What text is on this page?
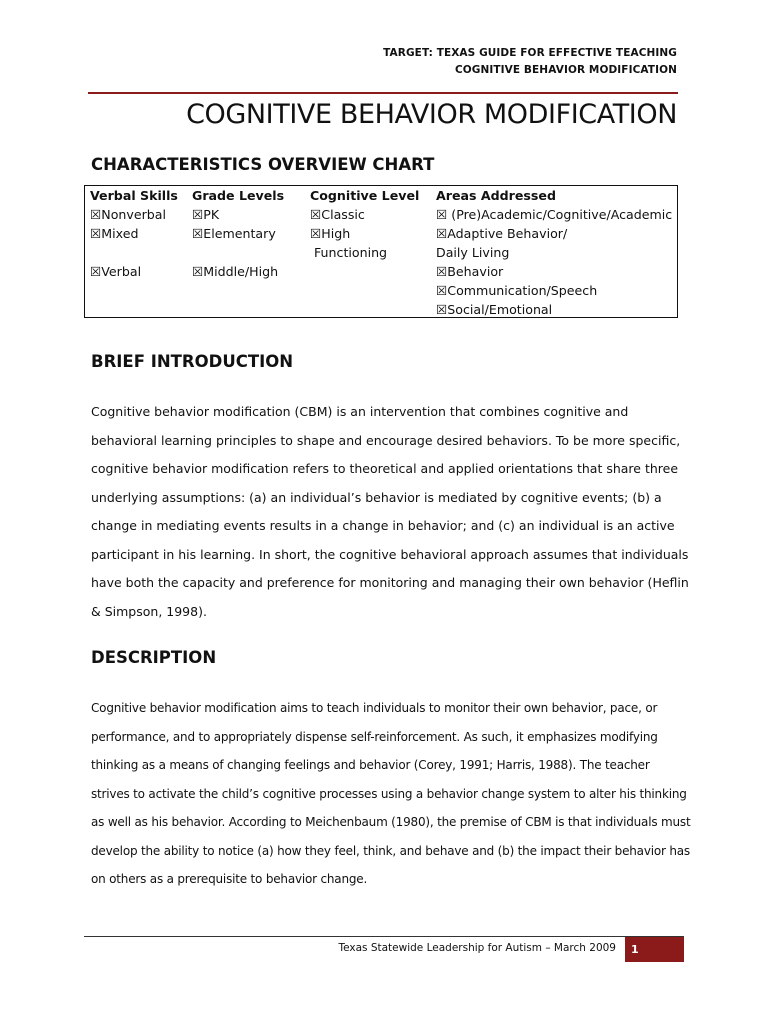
TARGET: TEXAS GUIDE FOR EFFECTIVE TEACHING
COGNITIVE BEHAVIOR MODIFICATION
COGNITIVE BEHAVIOR MODIFICATION
CHARACTERISTICS OVERVIEW CHART
Verbal Skills
☒Nonverbal
☒Mixed
☒Verbal
Grade Levels
☒PK
☒Elementary
☒Middle/High
Cognitive Level
☒Classic
☒High
Functioning
Areas Addressed
☒ (Pre)Academic/Cognitive/Academic
☒Adaptive Behavior/
Daily Living
☒Behavior
☒Communication/Speech
☒Social/Emotional
BRIEF INTRODUCTION

Cognitive behavior modification (CBM) is an intervention that combines cognitive and behavioral learning principles to shape and encourage desired behaviors. To be more specific, cognitive behavior modification refers to theoretical and applied orientations that share three underlying assumptions: (a) an individual’s behavior is mediated by cognitive events; (b) a change in mediating events results in a change in behavior; and (c) an individual is an active participant in his learning. In short, the cognitive behavioral approach assumes that individuals have both the capacity and preference for monitoring and managing their own behavior (Heflin & Simpson, 1998).

DESCRIPTION

Cognitive behavior modification aims to teach individuals to monitor their own behavior, pace, or performance, and to appropriately dispense self-reinforcement. As such, it emphasizes modifying thinking as a means of changing feelings and behavior (Corey, 1991; Harris, 1988). The teacher strives to activate the child’s cognitive processes using a behavior change system to alter his thinking as well as his behavior. According to Meichenbaum (1980), the premise of CBM is that individuals must develop the ability to notice (a) how they feel, think, and behave and (b) the impact their behavior has on others as a prerequisite to behavior change.

Texas Statewide Leadership for Autism – March 2009	1
